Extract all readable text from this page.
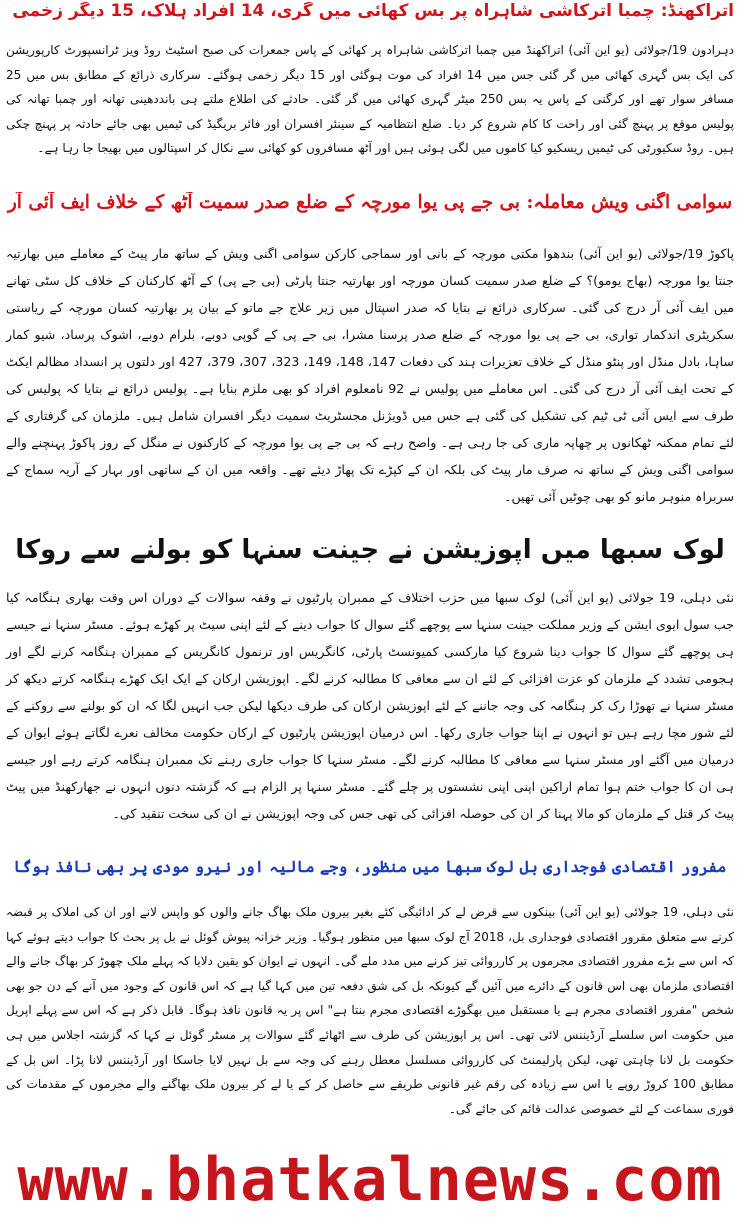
اتراکھنڈ: چمبا اترکاشی شاہراہ پر بس کھائی میں گری، 14 افراد ہلاک، 15 دیگر زخمی

دہرادون 19/جولائی (یو این آئی) اتراکھنڈ میں چمبا اترکاشی شاہراہ پر کھائی کے پاس جمعرات کی صبح اسٹیٹ روڈ ویز ٹرانسپورٹ کارپوریشن کی ایک بس گہری کھائی میں گر گئی جس میں 14 افراد کی موت ہوگئی اور 15 دیگر زخمی ہوگئے۔ سرکاری ذرائع کے مطابق بس میں 25 مسافر سوار تھے اور کرگنی کے پاس یہ بس 250 میٹر گہری کھائی میں گر گئی۔ حادثے کی اطلاع ملتے ہی بانددھینی تھانہ اور چمبا تھانہ کی پولیس موقع پر پہنچ گئی اور راحت کا کام شروع کر دیا۔ ضلع انتظامیہ کے سینئر افسران اور فائر بریگیڈ کی ٹیمیں بھی جائے حادثہ پر پہنچ چکی ہیں۔ روڈ سکیورٹی کی ٹیمیں ریسکیو کیا کاموں میں لگی ہوئی ہیں اور آٹھ مسافروں کو کھائی سے نکال کر اسپتالوں میں بھیجا جا رہا ہے۔

سوامی اگنی ویش معاملہ: بی جے پی یوا مورچہ کے ضلع صدر سمیت آٹھ کے خلاف ایف آئی آر

پاکوڑ 19/جولائی (یو این آئی) بندھوا مکتی مورچہ کے بانی اور سماجی کارکن سوامی اگنی ویش کے ساتھ مار پیٹ کے معاملے میں بھارتیہ جنتا یوا مورچہ (بھاج یومو)؟ کے ضلع صدر سمیت کسان مورچہ اور بھارتیہ جنتا پارٹی (بی جے پی) کے آٹھ کارکنان کے خلاف کل سٹی تھانے میں ایف آئی آر درج کی گئی۔ سرکاری ذرائع نے بتایا کہ صدر اسپتال میں زیر علاج جے ماتو کے بیان پر بھارتیہ کسان مورچہ کے ریاستی سکریٹری اندکمار تواری، بی جے پی یوا مورچہ کے ضلع صدر پرسنا مشرا، بی جے پی کے گوپی دوبے، بلرام دوبے، اشوک پرساد، شیو کمار ساہا، بادل منڈل اور پنٹو منڈل کے خلاف تعزیرات ہند کی دفعات 147، 148، 149، 323، 307، 379، 427 اور دلتوں پر انسداد مظالم ایکٹ کے تحت ایف آئی آر درج کی گئی۔ اس معاملے میں پولیس نے 92 نامعلوم افراد کو بھی ملزم بنایا ہے۔ پولیس ذرائع نے بتایا کہ پولیس کی طرف سے ایس آئی ٹی ٹیم کی تشکیل کی گئی ہے جس میں ڈویژنل مجسٹریٹ سمیت دیگر افسران شامل ہیں۔ ملزمان کی گرفتاری کے لئے تمام ممکنہ ٹھکانوں پر چھاپہ ماری کی جا رہی ہے۔ واضح رہے کہ بی جے پی یوا مورچہ کے کارکنوں نے منگل کے روز پاکوڑ پہنچنے والے سوامی اگنی ویش کے ساتھ نہ صرف مار پیٹ کی بلکہ ان کے کپڑے تک پھاڑ دیئے تھے۔ واقعہ میں ان کے ساتھی اور بہار کے آریہ سماج کے سربراہ منوہر مانو کو بھی چوٹیں آئی تھیں۔

لوک سبھا میں اپوزیشن نے جینت سنہا کو بولنے سے روکا

نئی دہلی، 19 جولائی (یو این آئی) لوک سبھا میں حزب اختلاف کے ممبران پارٹیوں نے وقفہ سوالات کے دوران اس وقت بھاری ہنگامہ کیا جب سول ایوی ایشن کے وزیر مملکت جینت سنہا سے پوچھے گئے سوال کا جواب دینے کے لئے اپنی سیٹ پر کھڑے ہوئے۔ مسٹر سنہا نے جیسے ہی پوچھے گئے سوال کا جواب دینا شروع کیا مارکسی کمیونسٹ پارٹی، کانگریس اور ترنمول کانگریس کے ممبران ہنگامہ کرنے لگے اور ہجومی تشدد کے ملزمان کو عزت افزائی کے لئے ان سے معافی کا مطالبہ کرنے لگے۔ اپوزیشن ارکان کے ایک ایک کھڑے ہنگامہ کرتے دیکھ کر مسٹر سنہا نے تھوڑا رک کر ہنگامہ کی وجہ جاننے کے لئے اپوزیشن ارکان کی طرف دیکھا لیکن جب انہیں لگا کہ ان کو بولنے سے روکنے کے لئے شور مچا رہے ہیں تو انہوں نے اپنا جواب جاری رکھا۔ اس درمیان اپوزیشن پارٹیوں کے ارکان حکومت مخالف نعرے لگاتے ہوئے ایوان کے درمیان میں آگئے اور مسٹر سنہا سے معافی کا مطالبہ کرنے لگے۔ مسٹر سنہا کا جواب جاری رہنے تک ممبران ہنگامہ کرتے رہے اور جیسے ہی ان کا جواب ختم ہوا تمام اراکین اپنی اپنی نشستوں پر چلے گئے۔ مسٹر سنہا پر الزام ہے کہ گزشتہ دنوں انہوں نے جھارکھنڈ میں پیٹ پیٹ کر قتل کے ملزمان کو مالا پہنا کر ان کی حوصلہ افزائی کی تھی جس کی وجہ اپوزیشن نے ان کی سخت تنقید کی۔

مفرور اقتصادی فوجداری بل لوک سبھا میں منظور، وجے مالیہ اور نیرو مودی پر بھی نافذ ہوگا

نئی دہلی، 19 جولائی (یو این آئی) بینکوں سے قرض لے کر ادائیگی کئے بغیر بیرون ملک بھاگ جانے والوں کو واپس لانے اور ان کی املاک پر قبضہ کرنے سے متعلق مفرور اقتصادی فوجداری بل، 2018 آج لوک سبھا میں منظور ہوگیا۔ وزیر خزانہ پیوش گوئل نے بل پر بحث کا جواب دیتے ہوئے کہا کہ اس سے بڑے مفرور اقتصادی مجرموں پر کارروائی تیز کرنے میں مدد ملے گی۔ انہوں نے ایوان کو یقین دلایا کہ پہلے ملک چھوڑ کر بھاگ جانے والے اقتصادی ملزمان بھی اس قانون کے دائرے میں آئیں گے کیونکہ بل کی شق دفعہ تین میں کہا گیا ہے کہ اس قانون کے وجود میں آنے کے دن جو بھی شخص "مفرور اقتصادی مجرم ہے یا مستقبل میں بھگوڑے اقتصادی مجرم بنتا ہے" اس پر یہ قانون نافذ ہوگا۔ قابل ذکر ہے کہ اس سے پہلے اپریل میں حکومت اس سلسلے آرڈیننس لائی تھی۔ اس پر اپوزیشن کی طرف سے اٹھائے گئے سوالات پر مسٹر گوئل نے کہا کہ گزشتہ اجلاس میں ہی حکومت بل لانا چاہتی تھی، لیکن پارلیمنٹ کی کارروائی مسلسل معطل رہنے کی وجہ سے بل نہیں لایا جاسکا اور آرڈیننس لانا پڑا۔ اس بل کے مطابق 100 کروڑ روپے یا اس سے زیادہ کی رقم غیر قانونی طریقے سے حاصل کر کے یا لے کر بیرون ملک بھاگنے والے مجرموں کے مقدمات کی فوری سماعت کے لئے خصوصی عدالت قائم کی جائے گی۔

www.bhatkalnews.com
